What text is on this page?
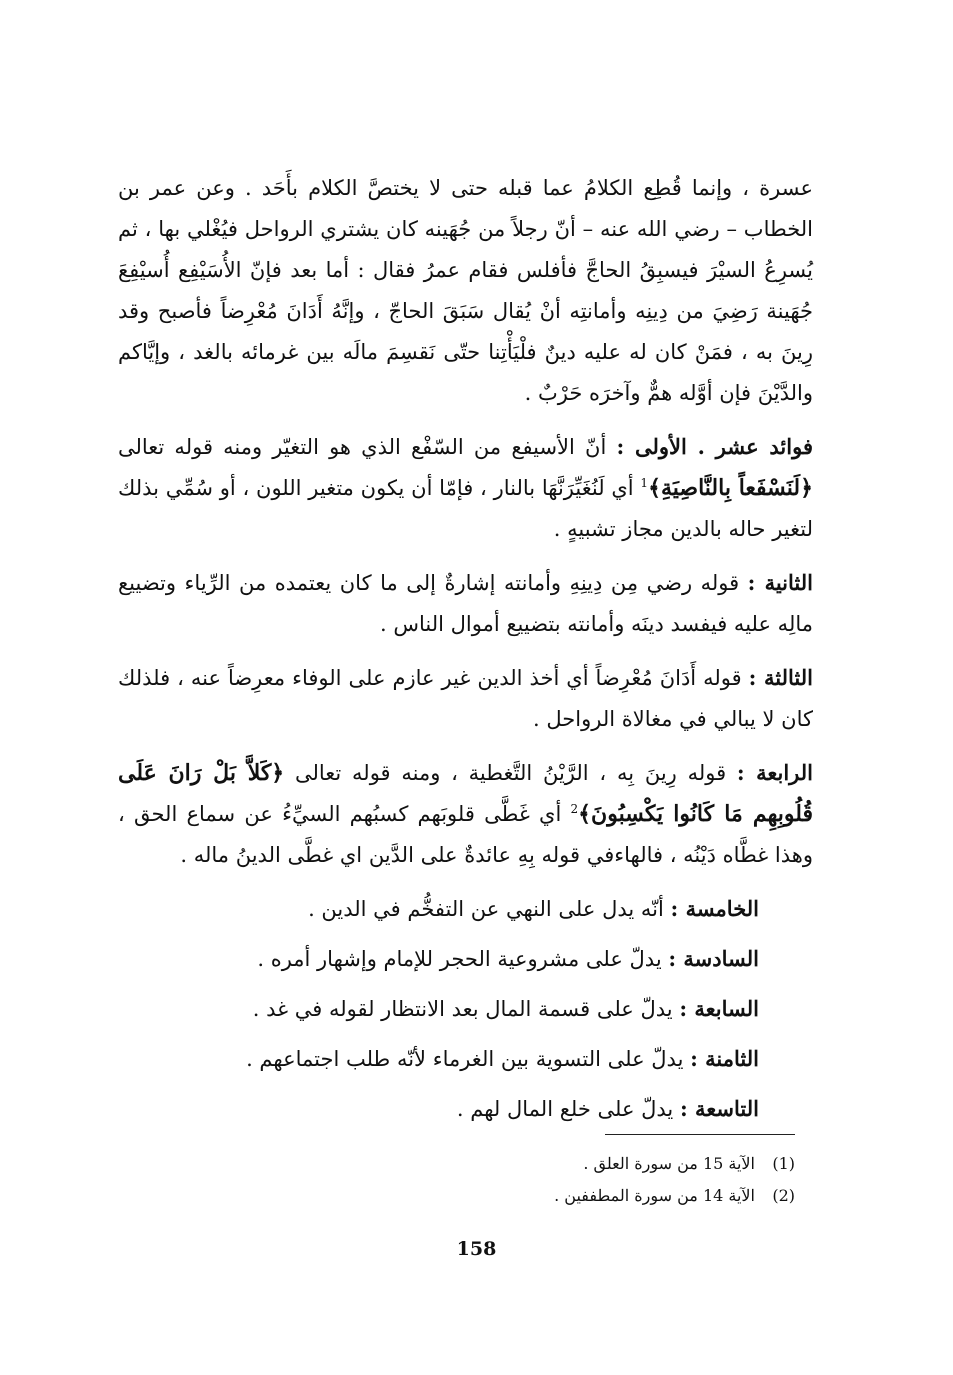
عسرة ، وإنما قُطِع الكلامُ عما قبله حتى لا يختصَّ الكلام بأَحَد . وعن عمر بن الخطاب – رضي الله عنه – أنّ رجلاً من جُهَينه كان يشتري الرواحل فيُغْلي بها ، ثم يُسرِعُ السيْرَ فيسبِقُ الحاجَّ فأفلس فقام عمرُ فقال : أما بعد فإنّ الأُسَيْفِع أُسيْفِعَ جُهَينة رَضِيَ من دِينِه وأمانتِه أنْ يُقال سَبَقَ الحاجّ ، وإنَّهُ أَدَانَ مُعْرِضاً فأصبح وقد رِينَ به ، فمَنْ كان له عليه دينٌ فلْيَأْتِنا حتّى نَقسِمَ مالَه بين غرمائه بالغد ، وإيَّاكم والدَّيْنَ فإن أوَّله همٌّ وآخرَه حَرْبٌ .

فوائد عشر . الأولى : أنّ الأسيفع من السّفْع الذي هو التغيّر ومنه قوله تعالى ﴿لَنَسْفَعاً بِالنَّاصِيَةِ﴾$^1$ أي لَنُغَيِّرَنَّهَا بالنار ، فإمّا أن يكون متغير اللون ، أو سُمِّي بذلك لتغير حاله بالدين مجاز تشبيهٍ .

الثانية : قوله رضي مِن دِينِهِ وأمانته إشارةٌ إلى ما كان يعتمده من الرِّياء وتضييع مالِه عليه فيفسد دينَه وأمانته بتضييع أموال الناس .

الثالثة : قوله أَدَانَ مُعْرِضاً أي أخذ الدين غير عازم على الوفاء معرِضاً عنه ، فلذلك كان لا يبالي في مغالاة الرواحل .

الرابعة : قوله رِينَ بِه ، الرَّيْنُ التَّغطية ، ومنه قوله تعالى ﴿كَلاَّ بَلْ رَانَ عَلَى قُلُوبِهِم مَا كَانُوا يَكْسِبُونَ﴾$^2$ أي غَطَّى قلوبَهم كسبُهم السيِّءُ عن سماع الحق ، وهذا غطَّاه دَيْنُه ، فالهاءفي قوله بِهِ عائدةٌ على الدَّين اي غطَّى الدينُ ماله .

الخامسة : أنّه يدل على النهي عن التفخُّم في الدين .

السادسة : يدلّ على مشروعية الحجر للإمام وإشهار أمره .

السابعة : يدلّ على قسمة المال بعد الانتظار لقوله في غد .

الثامنة : يدلّ على التسوية بين الغرماء لأنّه طلب اجتماعهم .

التاسعة : يدلّ على خلع المال لهم .

(1)
الآية 15 من سورة العلق .
(2)
الآية 14 من سورة المطففين .
158
